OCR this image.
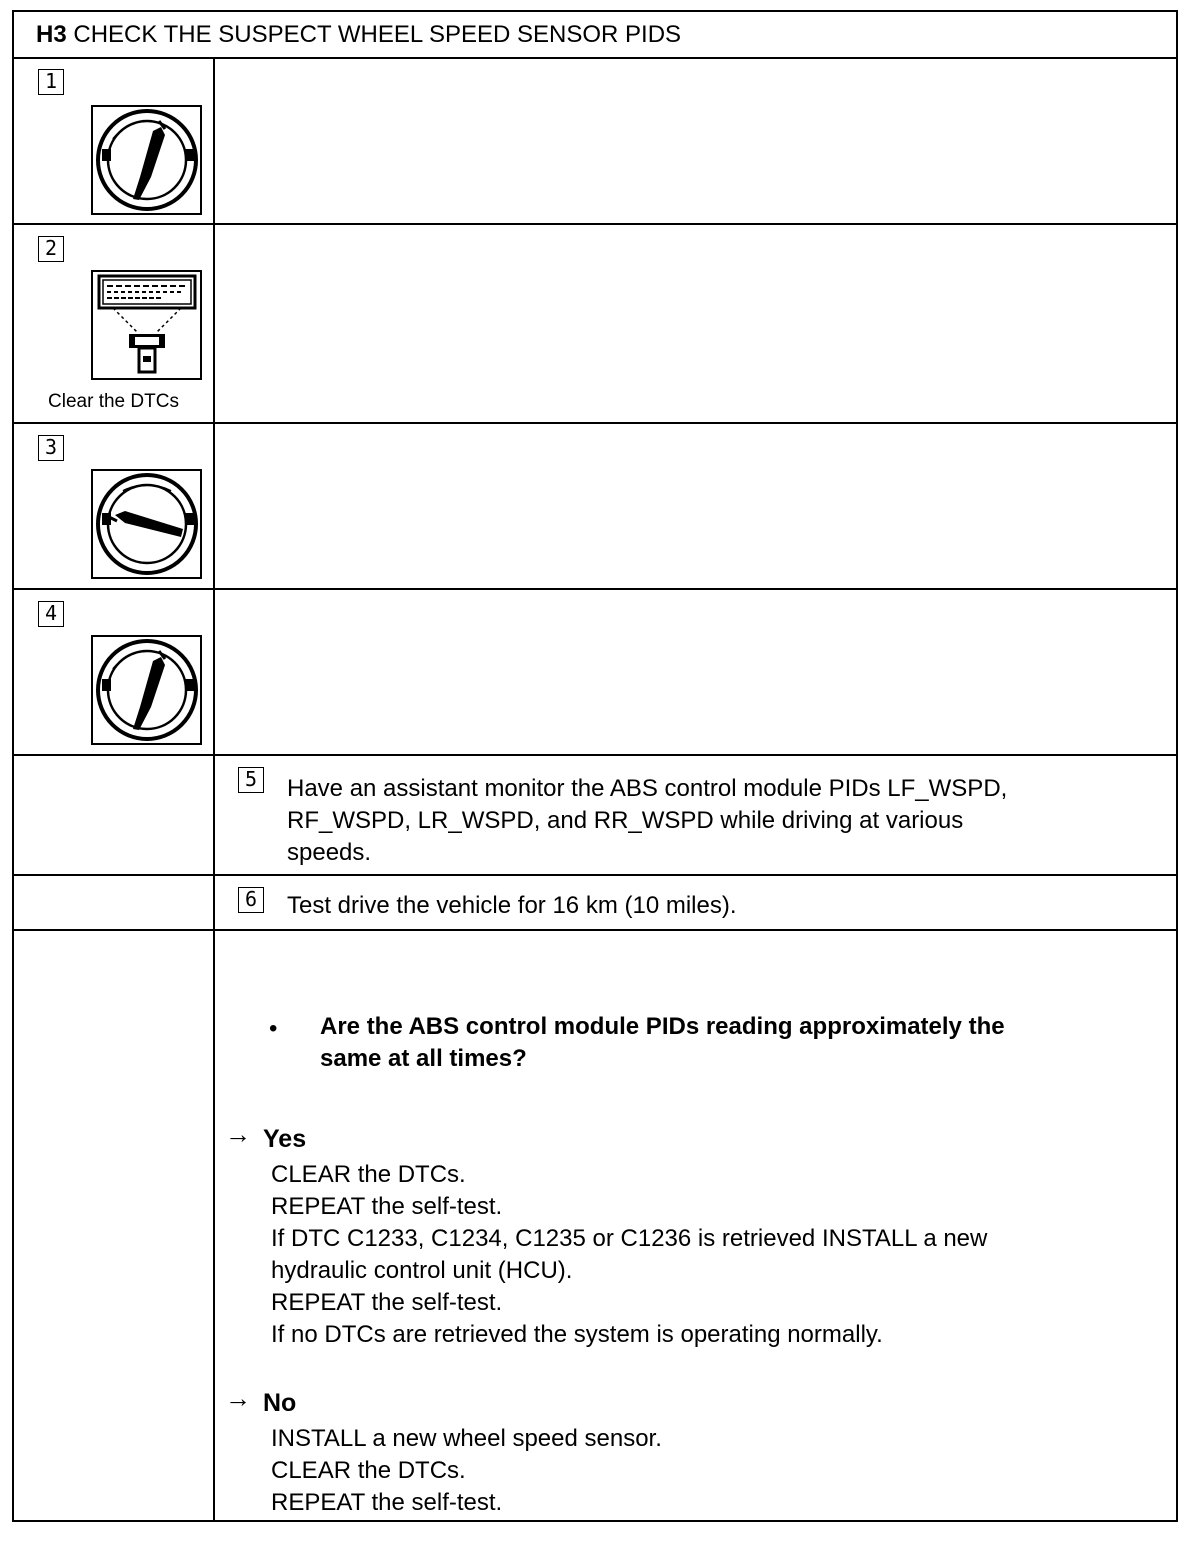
H3 CHECK THE SUSPECT WHEEL SPEED SENSOR PIDS
1
2
Clear the DTCs
3
4
5 Have an assistant monitor the ABS control module PIDs LF_WSPD,
RF_WSPD, LR_WSPD, and RR_WSPD while driving at various
speeds.
6 Test drive the vehicle for 16 km (10 miles).
• Are the ABS control module PIDs reading approximately the
same at all times?
→ Yes
CLEAR the DTCs.
REPEAT the self-test.
If DTC C1233, C1234, C1235 or C1236 is retrieved INSTALL a new
hydraulic control unit (HCU).
REPEAT the self-test.
If no DTCs are retrieved the system is operating normally.
→ No
INSTALL a new wheel speed sensor.
CLEAR the DTCs.
REPEAT the self-test.
